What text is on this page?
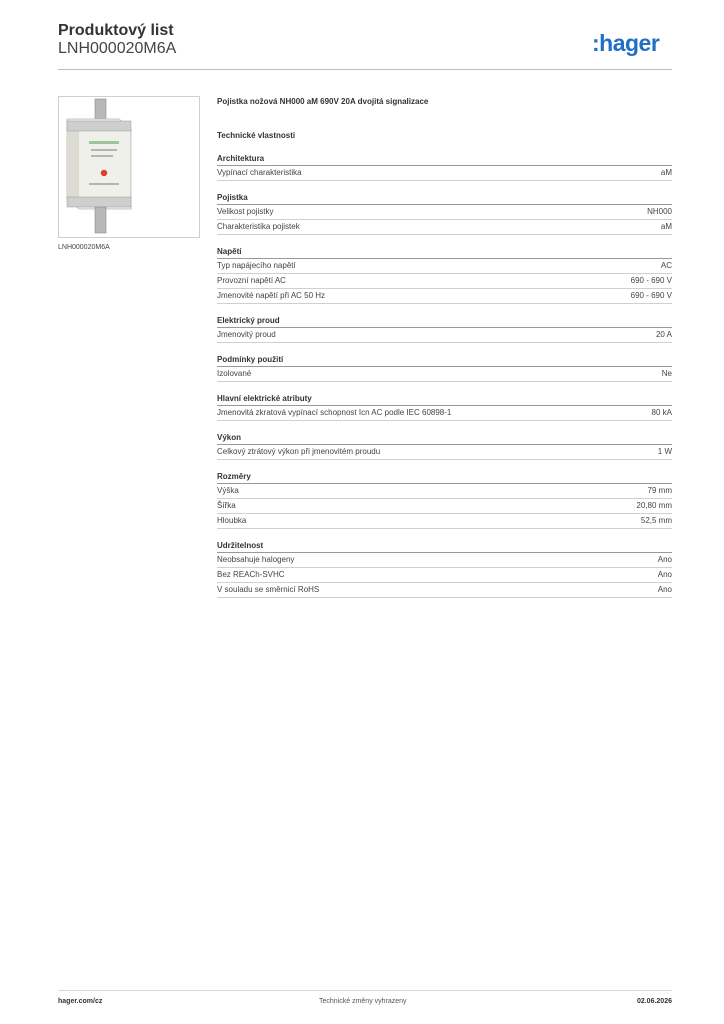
Produktový list
LNH000020M6A	:hager
LNH000020M6A
Pojistka nožová NH000 aM 690V 20A dvojitá signalizace
Technické vlastnosti
Architektura
Vypínací charakteristika	aM
Pojistka
Velikost pojistky	NH000
Charakteristika pojistek	aM
Napětí
Typ napájecího napětí	AC
Provozní napětí AC	690 - 690 V
Jmenovité napětí při AC 50 Hz	690 - 690 V
Elektrický proud
Jmenovitý proud	20 A
Podmínky použití
Izolované	Ne
Hlavní elektrické atributy
Jmenovitá zkratová vypínací schopnost Icn AC podle IEC 60898-1	80 kA
Výkon
Celkový ztrátový výkon při jmenovitém proudu	1 W
Rozměry
Výška	79 mm
Šířka	20,80 mm
Hloubka	52,5 mm
Udržitelnost
Neobsahuje halogeny	Ano
Bez REACh-SVHC	Ano
V souladu se směrnicí RoHS	Ano
hager.com/cz	Technické změny vyhrazeny	02.06.2026
